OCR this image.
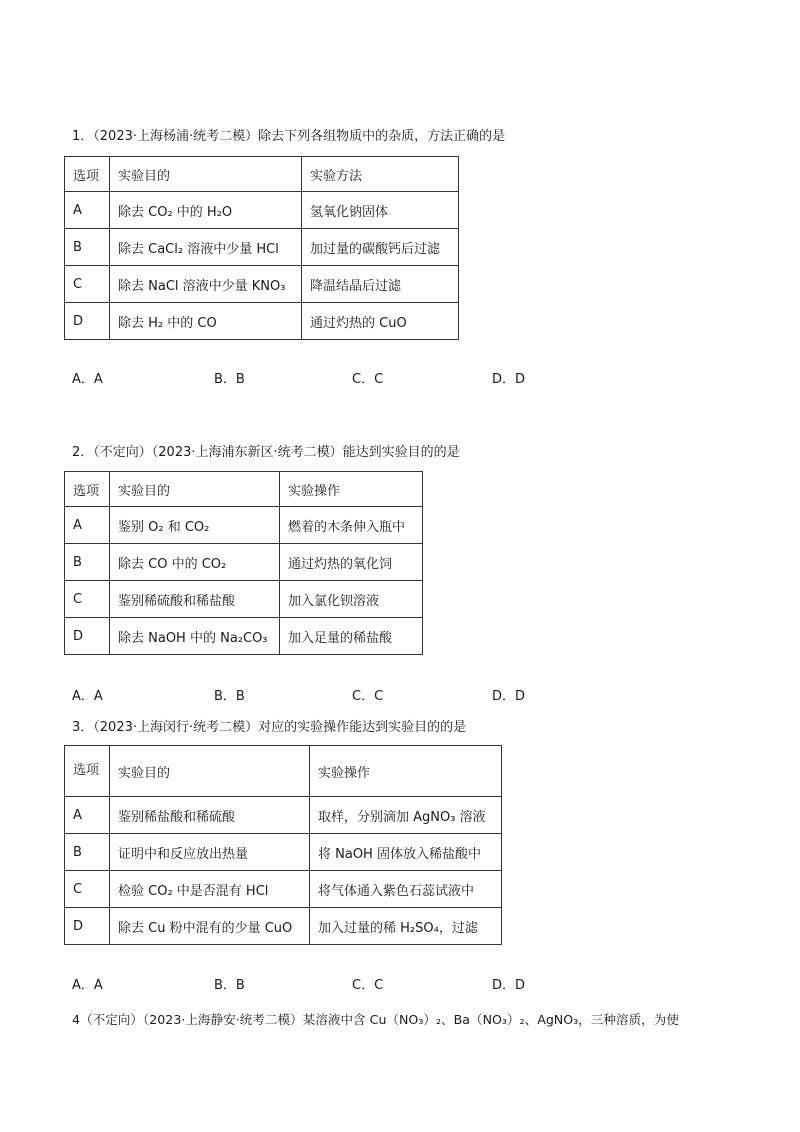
1．（2023·上海杨浦·统考二模）除去下列各组物质中的杂质，方法正确的是
选项	实验目的	实验方法
A	除去 CO₂ 中的 H₂O	氢氧化钠固体
B	除去 CaCl₂ 溶液中少量 HCl	加过量的碳酸钙后过滤
C	除去 NaCl 溶液中少量 KNO₃	降温结晶后过滤
D	除去 H₂ 中的 CO	通过灼热的 CuO
A．A	B．B	C．C	D．D
2．（不定向）（2023·上海浦东新区·统考二模）能达到实验目的的是
选项	实验目的	实验操作
A	鉴别 O₂ 和 CO₂	燃着的木条伸入瓶中
B	除去 CO 中的 CO₂	通过灼热的氧化饲
C	鉴别稀硫酸和稀盐酸	加入氯化钡溶液
D	除去 NaOH 中的 Na₂CO₃	加入足量的稀盐酸
A．A	B．B	C．C	D．D
3．（2023·上海闵行·统考二模）对应的实验操作能达到实验目的的是
选项	实验目的	实验操作
A	鉴别稀盐酸和稀硫酸	取样，分别滴加 AgNO₃ 溶液
B	证明中和反应放出热量	将 NaOH 固体放入稀盐酸中
C	检验 CO₂ 中是否混有 HCl	将气体通入紫色石蕊试液中
D	除去 Cu 粉中混有的少量 CuO	加入过量的稀 H₂SO₄，过滤
A．A	B．B	C．C	D．D
4（不定向）（2023·上海静安·统考二模）某溶液中含 Cu（NO₃）₂、Ba（NO₃）₂、AgNO₃，三种溶质，为使
